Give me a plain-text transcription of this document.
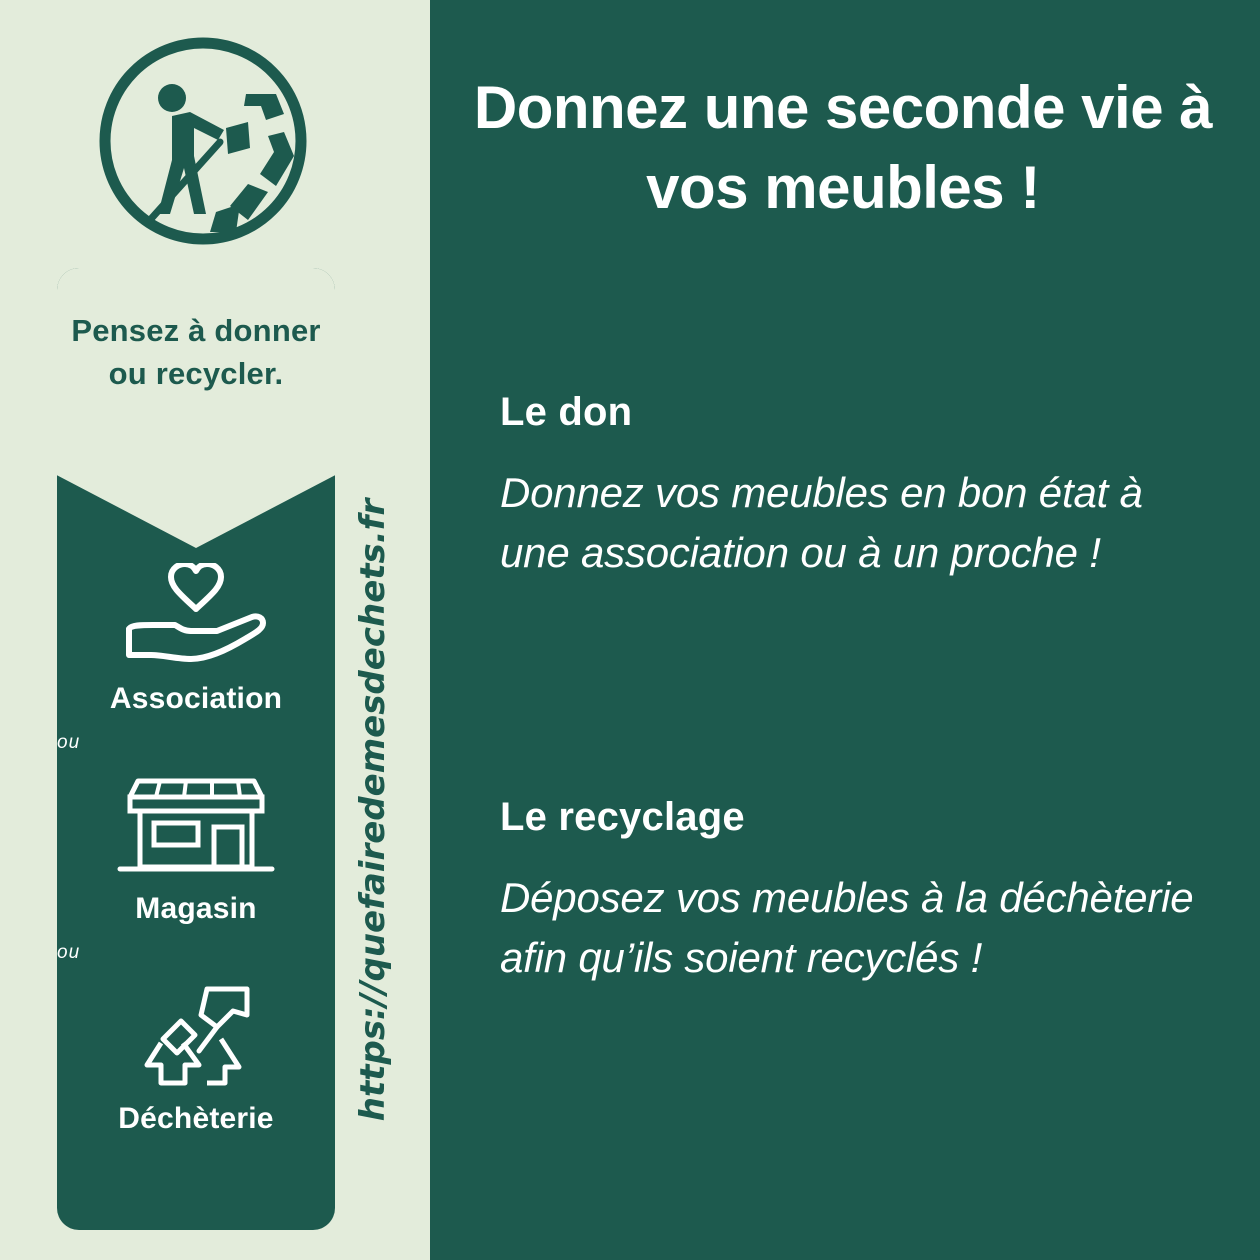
Pensez à donner ou recycler.
Association
ou
Magasin
ou
Déchèterie	https://quefairedemesdechets.fr
Donnez une seconde vie à vos meubles !
Le don
Donnez vos meubles en bon état à une association ou à un proche !
Le recyclage
Déposez vos meubles à la déchèterie afin qu’ils soient recyclés !
